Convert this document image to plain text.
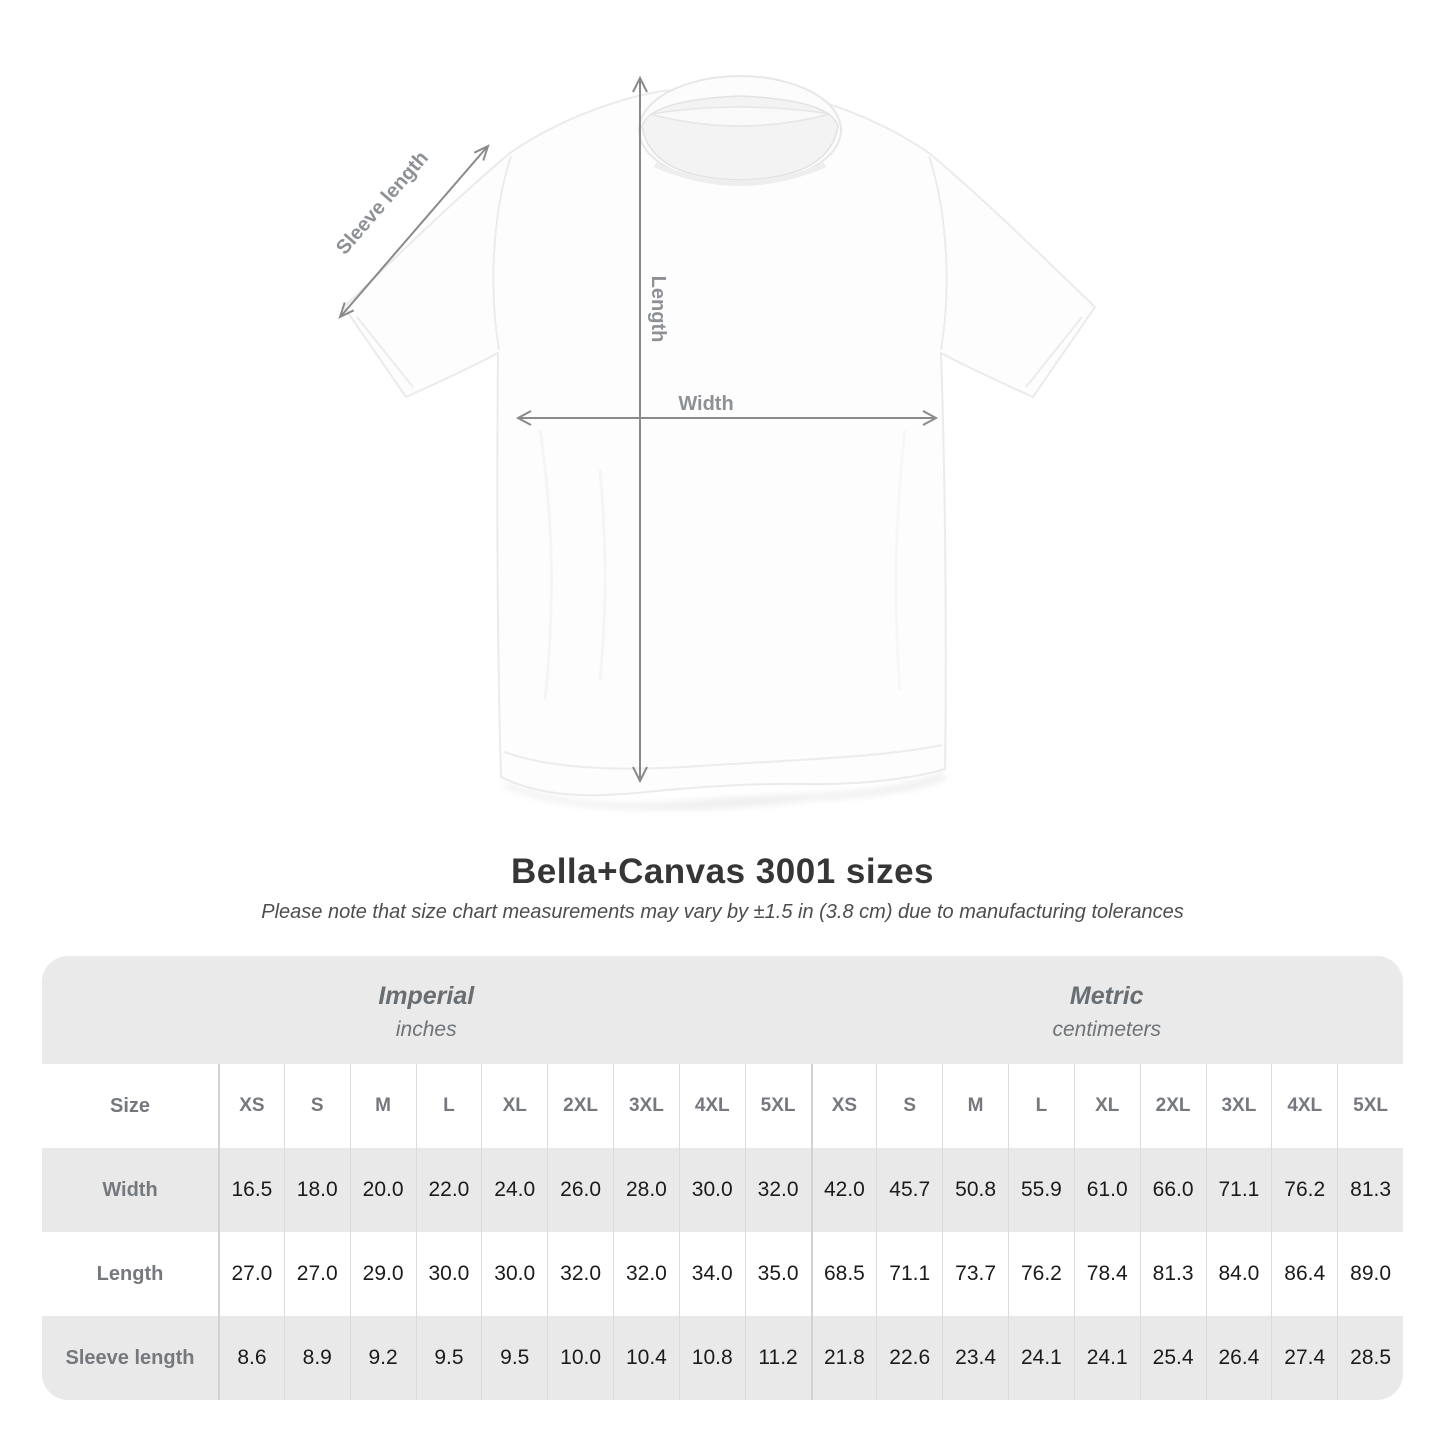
Width
Length
Sleeve length
Bella+Canvas 3001 sizes

Please note that size chart measurements may vary by ±1.5 in (3.8 cm) due to manufacturing tolerances

Imperial
inches
Metric
centimeters
Size	XS	S	M	L	XL	2XL	3XL	4XL	5XL	XS	S	M	L	XL	2XL	3XL	4XL	5XL
Width	16.5	18.0	20.0	22.0	24.0	26.0	28.0	30.0	32.0	42.0	45.7	50.8	55.9	61.0	66.0	71.1	76.2	81.3
Length	27.0	27.0	29.0	30.0	30.0	32.0	32.0	34.0	35.0	68.5	71.1	73.7	76.2	78.4	81.3	84.0	86.4	89.0
Sleeve length	8.6	8.9	9.2	9.5	9.5	10.0	10.4	10.8	11.2	21.8	22.6	23.4	24.1	24.1	25.4	26.4	27.4	28.5
